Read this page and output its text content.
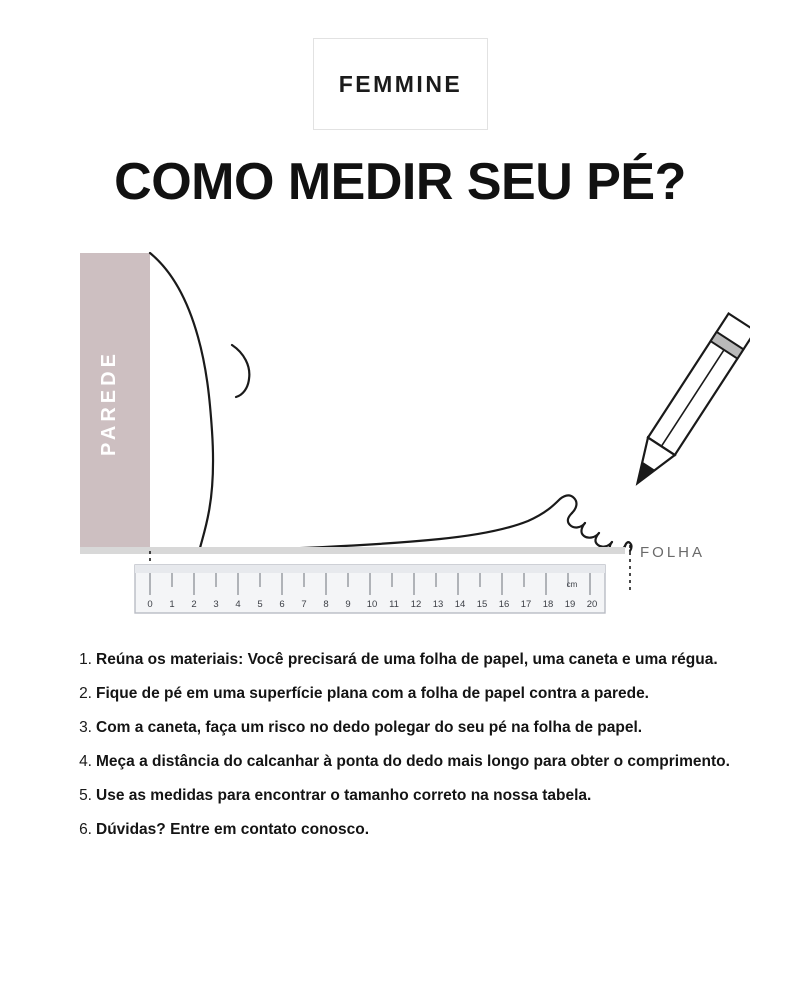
FEMMINE
COMO MEDIR SEU PÉ?
PAREDE
FOLHA
0 1 2 3 4 5 6 7 8 9 10 11 12 13 14 15 16 17 18 19 20
cm
1. Reúna os materiais: Você precisará de uma folha de papel, uma caneta e uma régua.
2. Fique de pé em uma superfície plana com a folha de papel contra a parede.
3. Com a caneta, faça um risco no dedo polegar do seu pé na folha de papel.
4. Meça a distância do calcanhar à ponta do dedo mais longo para obter o comprimento.
5. Use as medidas para encontrar o tamanho correto na nossa tabela.
6. Dúvidas? Entre em contato conosco.
